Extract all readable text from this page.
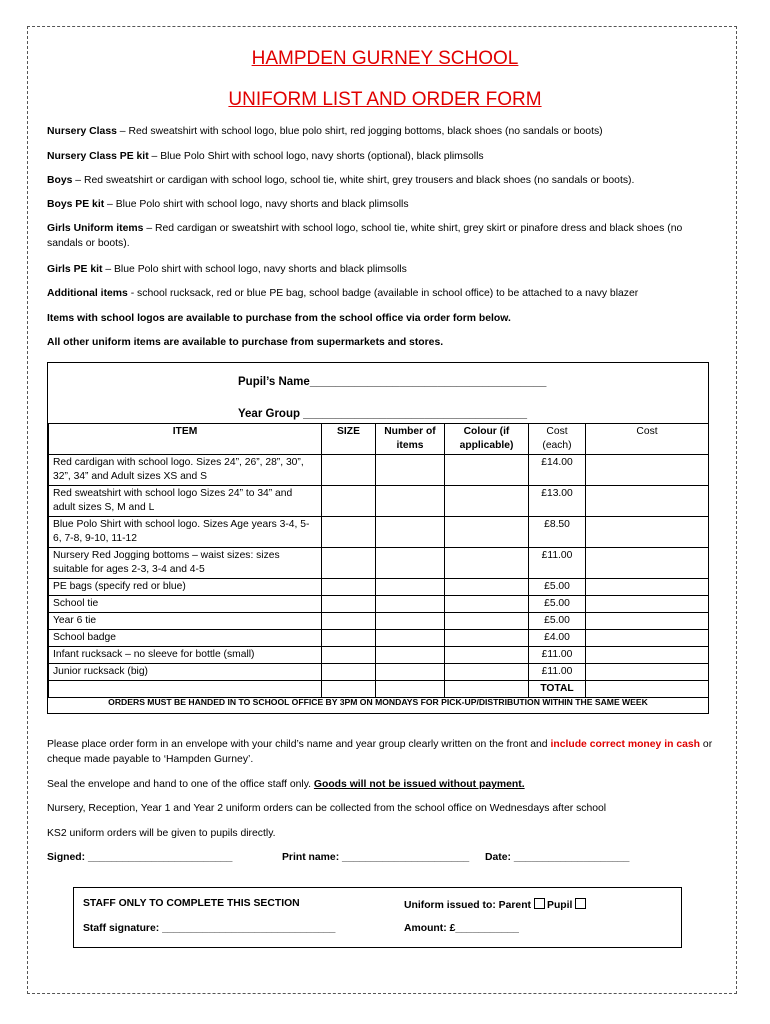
HAMPDEN GURNEY SCHOOL
UNIFORM LIST AND ORDER FORM
Nursery Class – Red sweatshirt with school logo, blue polo shirt, red jogging bottoms, black shoes (no sandals or boots)
Nursery Class PE kit – Blue Polo Shirt with school logo, navy shorts (optional), black plimsolls
Boys – Red sweatshirt or cardigan with school logo, school tie, white shirt, grey trousers and black shoes (no sandals or boots).
Boys PE kit – Blue Polo shirt with school logo, navy shorts and black plimsolls
Girls Uniform items – Red cardigan or sweatshirt with school logo, school tie, white shirt, grey skirt or pinafore dress and black shoes (no sandals or boots).
Girls PE kit – Blue Polo shirt with school logo, navy shorts and black plimsolls
Additional items - school rucksack, red or blue PE bag, school badge (available in school office) to be attached to a navy blazer
Items with school logos are available to purchase from the school office via order form below.
All other uniform items are available to purchase from supermarkets and stores.
Pupil’s Name_____________________________________
Year Group ___________________________________
ITEM	SIZE	Number of items	Colour (if applicable)	Cost (each)	Cost
Red cardigan with school logo. Sizes 24”, 26”, 28”, 30”, 32”, 34” and Adult sizes XS and S				£14.00	
Red sweatshirt with school logo Sizes 24” to 34” and adult sizes S, M and L				£13.00	
Blue Polo Shirt with school logo. Sizes Age years 3-4, 5-6, 7-8, 9-10, 11-12				£8.50	
Nursery Red Jogging bottoms – waist sizes: sizes suitable for ages 2-3, 3-4 and 4-5				£11.00	
PE bags (specify red or blue)				£5.00	
School tie				£5.00	
Year 6 tie				£5.00	
School badge				£4.00	
Infant rucksack – no sleeve for bottle (small)				£11.00	
Junior rucksack (big)				£11.00	
				TOTAL	
ORDERS MUST BE HANDED IN TO SCHOOL OFFICE BY 3PM ON MONDAYS FOR PICK-UP/DISTRIBUTION WITHIN THE SAME WEEK
Please place order form in an envelope with your child’s name and year group clearly written on the front and include correct money in cash or cheque made payable to ‘Hampden Gurney’.
Seal the envelope and hand to one of the office staff only. Goods will not be issued without payment.
Nursery, Reception, Year 1 and Year 2 uniform orders can be collected from the school office on Wednesdays after school
KS2 uniform orders will be given to pupils directly.
Signed: _________________________	Print name: ______________________ Date: ____________________
STAFF ONLY TO COMPLETE THIS SECTION	Uniform issued to: Parent Pupil
Staff signature: ______________________________	Amount: £___________
